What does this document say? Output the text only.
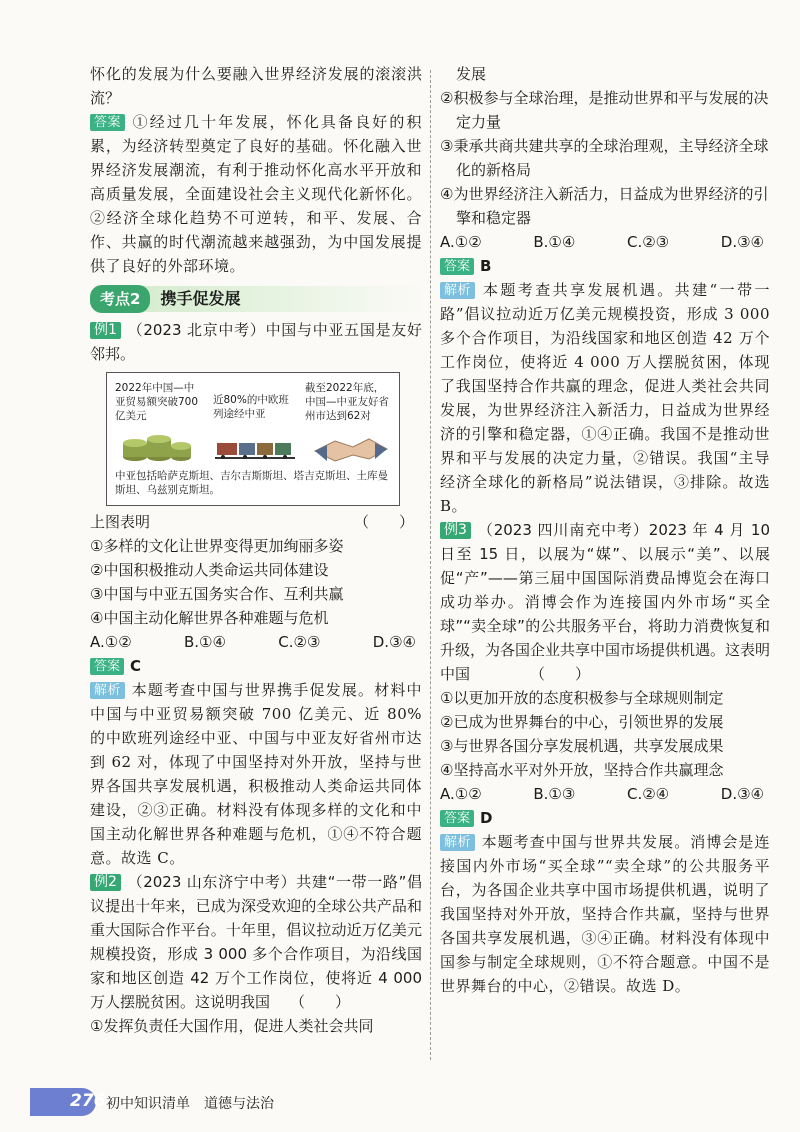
怀化的发展为什么要融入世界经济发展的滚滚洪流？

答案 ①经过几十年发展，怀化具备良好的积累，为经济转型奠定了良好的基础。怀化融入世界经济发展潮流，有利于推动怀化高水平开放和高质量发展，全面建设社会主义现代化新怀化。②经济全球化趋势不可逆转，和平、发展、合作、共赢的时代潮流越来越强劲，为中国发展提供了良好的外部环境。

考点2	携手促发展

例1 （2023 北京中考）中国与中亚五国是友好邻邦。

2022年中国—中亚贸易额突破700亿美元
近80%的中欧班列途经中亚
截至2022年底，中国—中亚友好省州市达到62对
中亚包括哈萨克斯坦、吉尔吉斯斯坦、塔吉克斯坦、土库曼斯坦、乌兹别克斯坦。

上图表明	（　　）

①多样的文化让世界变得更加绚丽多姿

②中国积极推动人类命运共同体建设

③中国与中亚五国务实合作、互利共赢

④中国主动化解世界各种难题与危机

A.①②	B.①④	C.②③	D.③④

答案 C

解析 本题考查中国与世界携手促发展。材料中中国与中亚贸易额突破 700 亿美元、近 80% 的中欧班列途经中亚、中国与中亚友好省州市达到 62 对，体现了中国坚持对外开放，坚持与世界各国共享发展机遇，积极推动人类命运共同体建设，②③正确。材料没有体现多样的文化和中国主动化解世界各种难题与危机，①④不符合题意。故选 C。

例2 （2023 山东济宁中考）共建“一带一路”倡议提出十年来，已成为深受欢迎的全球公共产品和重大国际合作平台。十年里，倡议拉动近万亿美元规模投资，形成 3 000 多个合作项目，为沿线国家和地区创造 42 万个工作岗位，使将近 4 000 万人摆脱贫困。这说明我国 （　　）

①发挥负责任大国作用，促进人类社会共同

发展

②积极参与全球治理，是推动世界和平与发展的决定力量

③秉承共商共建共享的全球治理观，主导经济全球化的新格局

④为世界经济注入新活力，日益成为世界经济的引擎和稳定器

A.①②	B.①④	C.②③	D.③④

答案 B

解析 本题考查共享发展机遇。共建“一带一路”倡议拉动近万亿美元规模投资，形成 3 000 多个合作项目，为沿线国家和地区创造 42 万个工作岗位，使将近 4 000 万人摆脱贫困，体现了我国坚持合作共赢的理念，促进人类社会共同发展，为世界经济注入新活力，日益成为世界经济的引擎和稳定器，①④正确。我国不是推动世界和平与发展的决定力量，②错误。我国“主导经济全球化的新格局”说法错误，③排除。故选 B。

例3 （2023 四川南充中考）2023 年 4 月 10 日至 15 日，以展为“媒”、以展示“美”、以展促“产”——第三届中国国际消费品博览会在海口成功举办。消博会作为连接国内外市场“买全球”“卖全球”的公共服务平台，将助力消费恢复和升级，为各国企业共享中国市场提供机遇。这表明中国	（　　）

①以更加开放的态度积极参与全球规则制定

②已成为世界舞台的中心，引领世界的发展

③与世界各国分享发展机遇，共享发展成果

④坚持高水平对外开放，坚持合作共赢理念

A.①②	B.①③	C.②④	D.③④

答案 D

解析 本题考查中国与世界共发展。消博会是连接国内外市场“买全球”“卖全球”的公共服务平台，为各国企业共享中国市场提供机遇，说明了我国坚持对外开放，坚持合作共赢，坚持与世界各国共享发展机遇，③④正确。材料没有体现中国参与制定全球规则，①不符合题意。中国不是世界舞台的中心，②错误。故选 D。

276 初中知识清单　道德与法治
